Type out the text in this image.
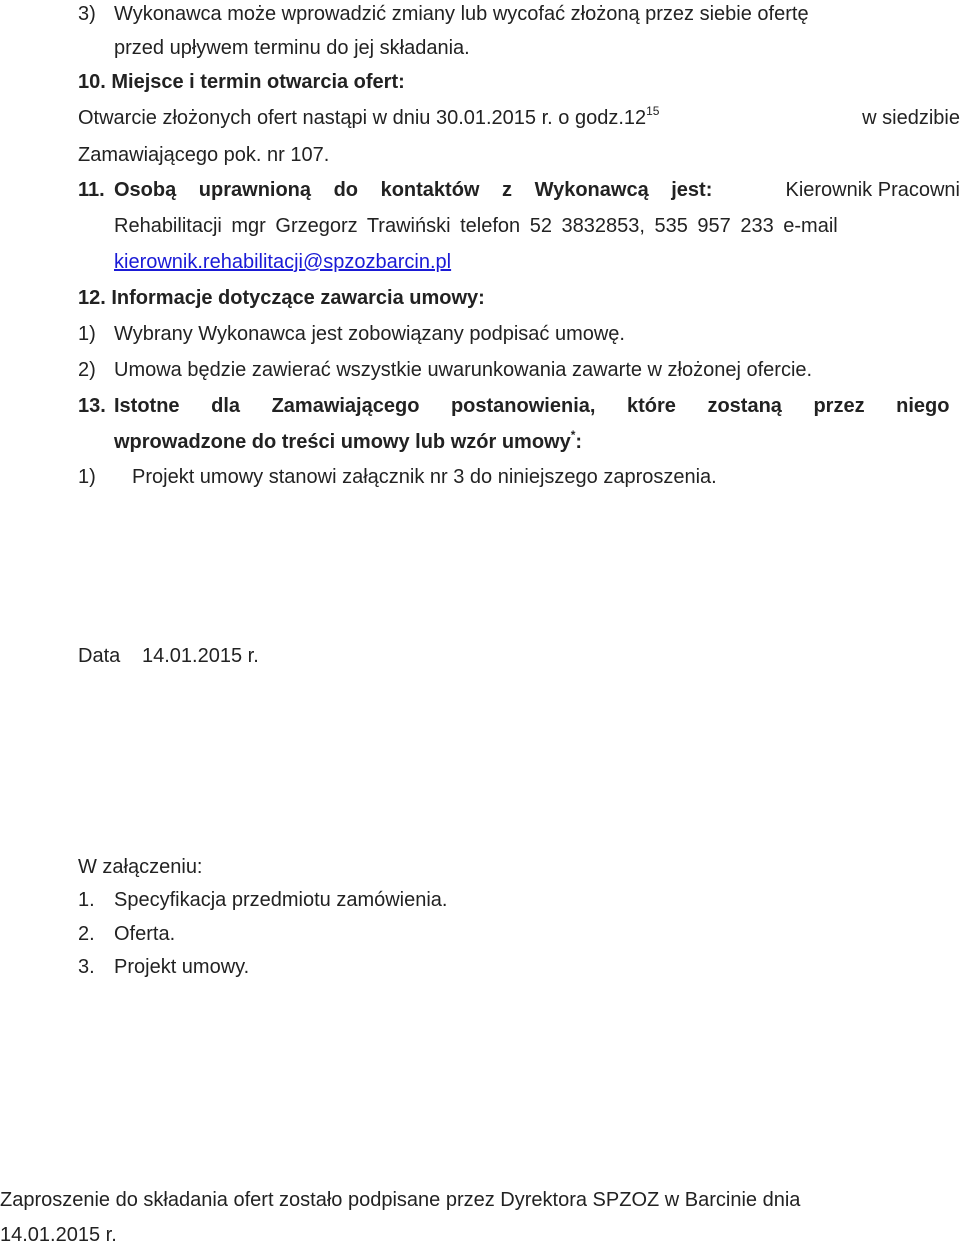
3) Wykonawca może wprowadzić zmiany lub wycofać złożoną przez siebie ofertę
przed upływem terminu do jej składania.
10. Miejsce i termin otwarcia ofert:
Otwarcie złożonych ofert nastąpi w dniu 30.01.2015 r. o $godz.12^{15}$	w siedzibie
Zamawiającego pok. nr 107.
11. Osobą uprawnioną do kontaktów z Wykonawcą jest:	Kierownik Pracowni
Rehabilitacji mgr Grzegorz Trawiński telefon 52 3832853, 535 957 233 e-mail
kierownik.rehabilitacji@spzozbarcin.pl
12. Informacje dotyczące zawarcia umowy:
1) Wybrany Wykonawca jest zobowiązany podpisać umowę.
2) Umowa będzie zawierać wszystkie uwarunkowania zawarte w złożonej ofercie.
13. Istotne dla Zamawiającego postanowienia, które zostaną przez niego
wprowadzone do treści umowy lub wzór umowy*:
1) Projekt umowy stanowi załącznik nr 3 do niniejszego zaproszenia.
Data 14.01.2015 r.
W załączeniu:
1. Specyfikacja przedmiotu zamówienia.
2. Oferta.
3. Projekt umowy.
Zaproszenie do składania ofert zostało podpisane przez Dyrektora SPZOZ w Barcinie dnia
14.01.2015 r.
